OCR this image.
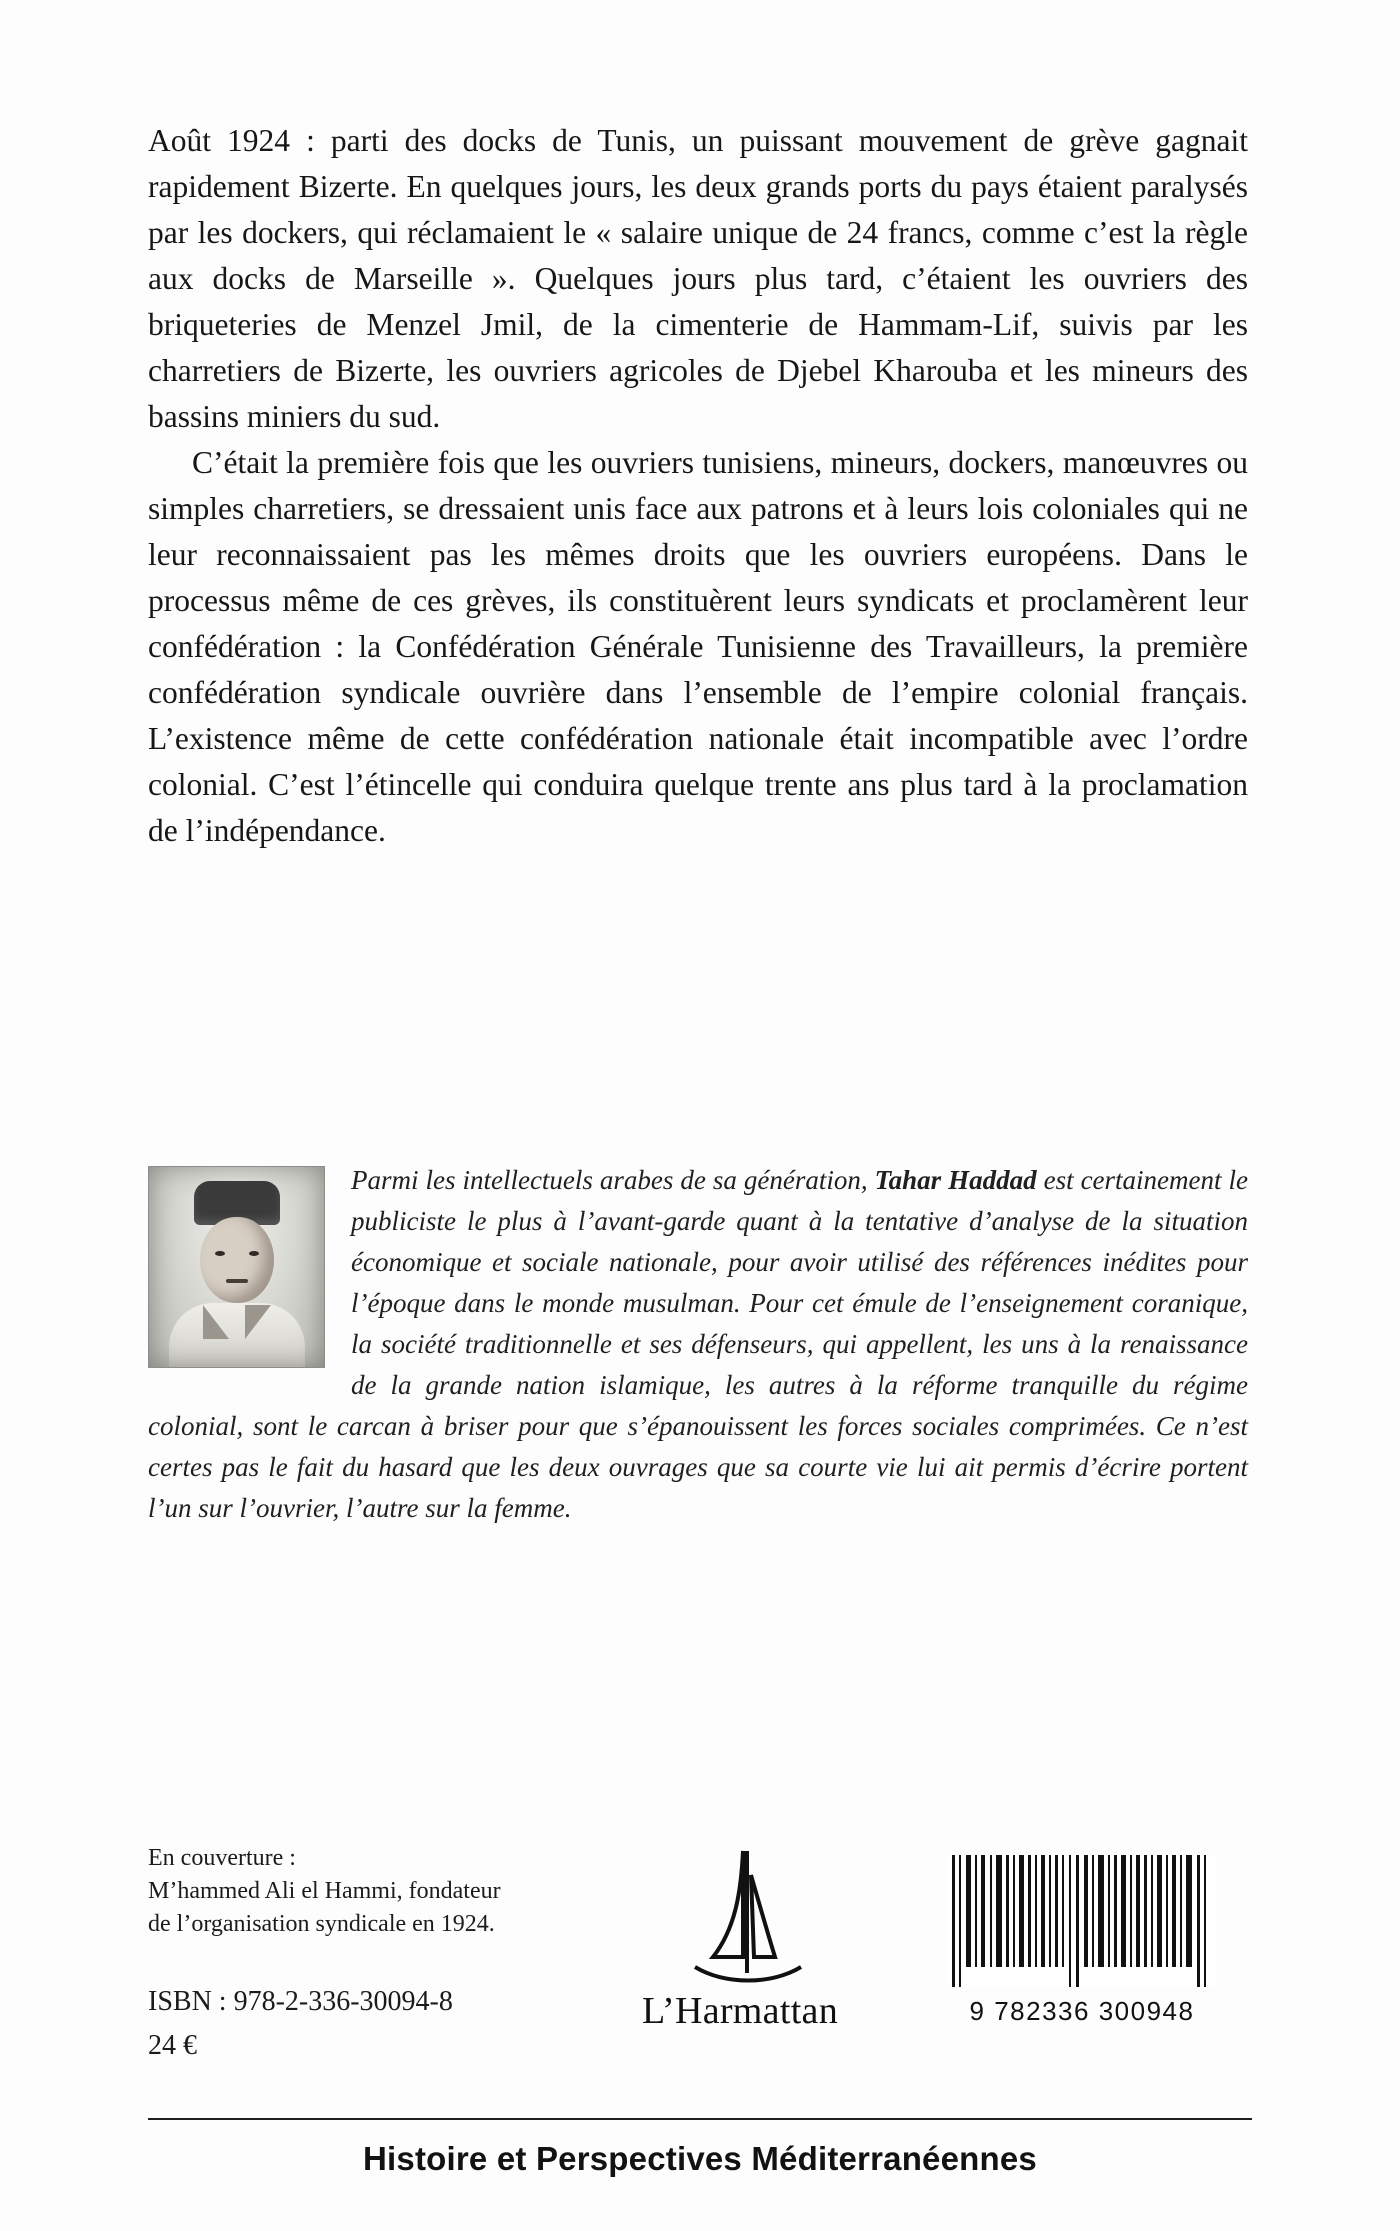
Août 1924 : parti des docks de Tunis, un puissant mouvement de grève gagnait rapidement Bizerte. En quelques jours, les deux grands ports du pays étaient paralysés par les dockers, qui réclamaient le « salaire unique de 24 francs, comme c’est la règle aux docks de Marseille ». Quelques jours plus tard, c’étaient les ouvriers des briqueteries de Menzel Jmil, de la cimenterie de Hammam-Lif, suivis par les charretiers de Bizerte, les ouvriers agricoles de Djebel Kharouba et les mineurs des bassins miniers du sud.

C’était la première fois que les ouvriers tunisiens, mineurs, dockers, manœuvres ou simples charretiers, se dressaient unis face aux patrons et à leurs lois coloniales qui ne leur reconnaissaient pas les mêmes droits que les ouvriers européens. Dans le processus même de ces grèves, ils constituèrent leurs syndicats et proclamèrent leur confédération : la Confédération Générale Tunisienne des Travailleurs, la première confédération syndicale ouvrière dans l’ensemble de l’empire colonial français. L’existence même de cette confédération nationale était incompatible avec l’ordre colonial. C’est l’étincelle qui conduira quelque trente ans plus tard à la proclamation de l’indépendance.

Parmi les intellectuels arabes de sa génération, Tahar Haddad est certainement le publiciste le plus à l’avant-garde quant à la tentative d’analyse de la situation économique et sociale nationale, pour avoir utilisé des références inédites pour l’époque dans le monde musulman. Pour cet émule de l’enseignement coranique, la société traditionnelle et ses défenseurs, qui appellent, les uns à la renaissance de la grande nation islamique, les autres à la réforme tranquille du régime colonial, sont le carcan à briser pour que s’épanouissent les forces sociales comprimées. Ce n’est certes pas le fait du hasard que les deux ouvrages que sa courte vie lui ait permis d’écrire portent l’un sur l’ouvrier, l’autre sur la femme.

En couverture :
M’hammed Ali el Hammi, fondateur
de l’organisation syndicale en 1924.
ISBN : 978-2-336-30094-8
24 €
L’Harmattan	9 782336 300948
Histoire et Perspectives Méditerranéennes
